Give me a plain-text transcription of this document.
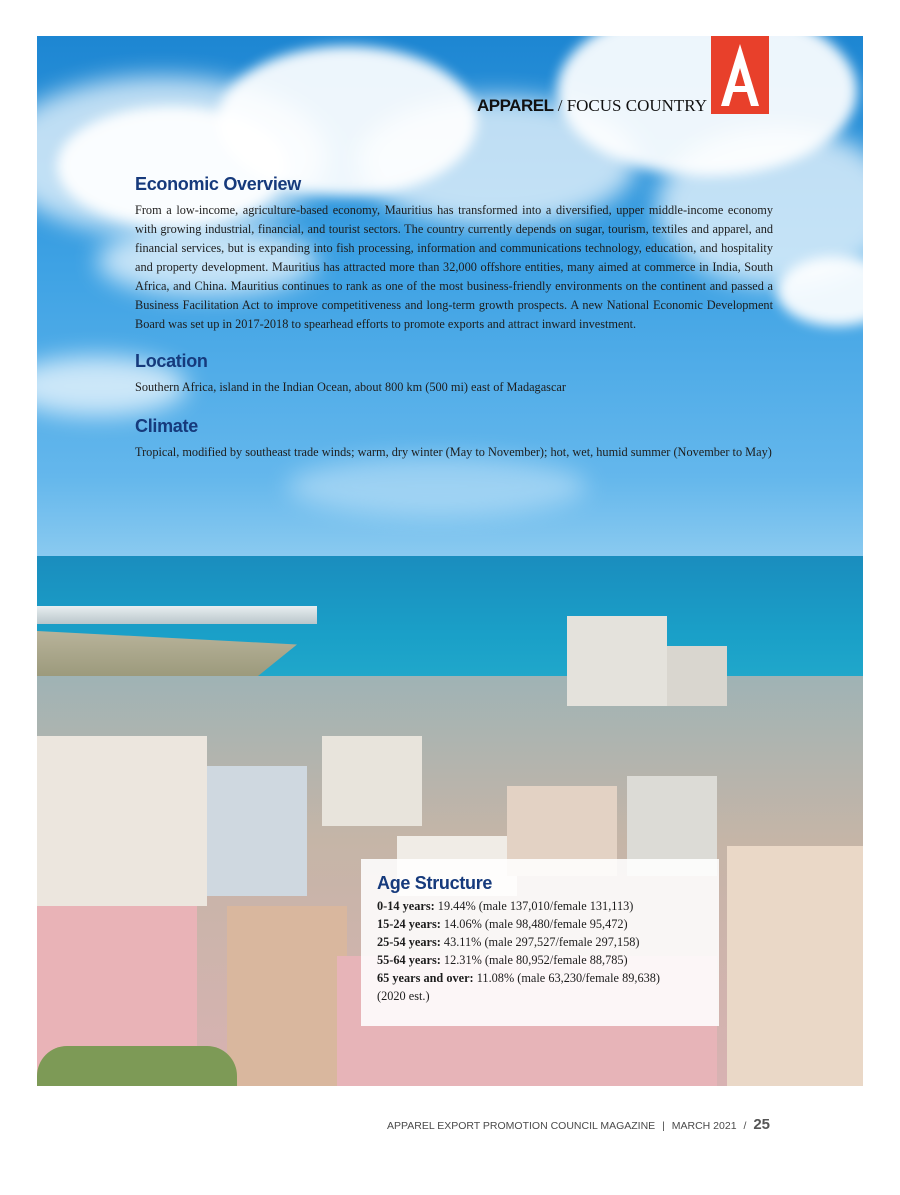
APPAREL / FOCUS COUNTRY
Economic Overview

From a low-income, agriculture-based economy, Mauritius has transformed into a diversified, upper middle-income economy with growing industrial, financial, and tourist sectors. The country currently depends on sugar, tourism, textiles and apparel, and financial services, but is expanding into fish processing, information and communications technology, education, and hospitality and property development. Mauritius has attracted more than 32,000 offshore entities, many aimed at commerce in India, South Africa, and China. Mauritius continues to rank as one of the most business-friendly environments on the continent and passed a Business Facilitation Act to improve competitiveness and long-term growth prospects. A new National Economic Development Board was set up in 2017-2018 to spearhead efforts to promote exports and attract inward investment.

Location

Southern Africa, island in the Indian Ocean, about 800 km (500 mi) east of Madagascar

Climate

Tropical, modified by southeast trade winds; warm, dry winter (May to November); hot, wet, humid summer (November to May)

Age Structure
0-14 years: 19.44% (male 137,010/female 131,113)
15-24 years: 14.06% (male 98,480/female 95,472)
25-54 years: 43.11% (male 297,527/female 297,158)
55-64 years: 12.31% (male 80,952/female 88,785)
65 years and over: 11.08% (male 63,230/female 89,638)
(2020 est.)
APPAREL EXPORT PROMOTION COUNCIL MAGAZINE | MARCH 2021 / 25
